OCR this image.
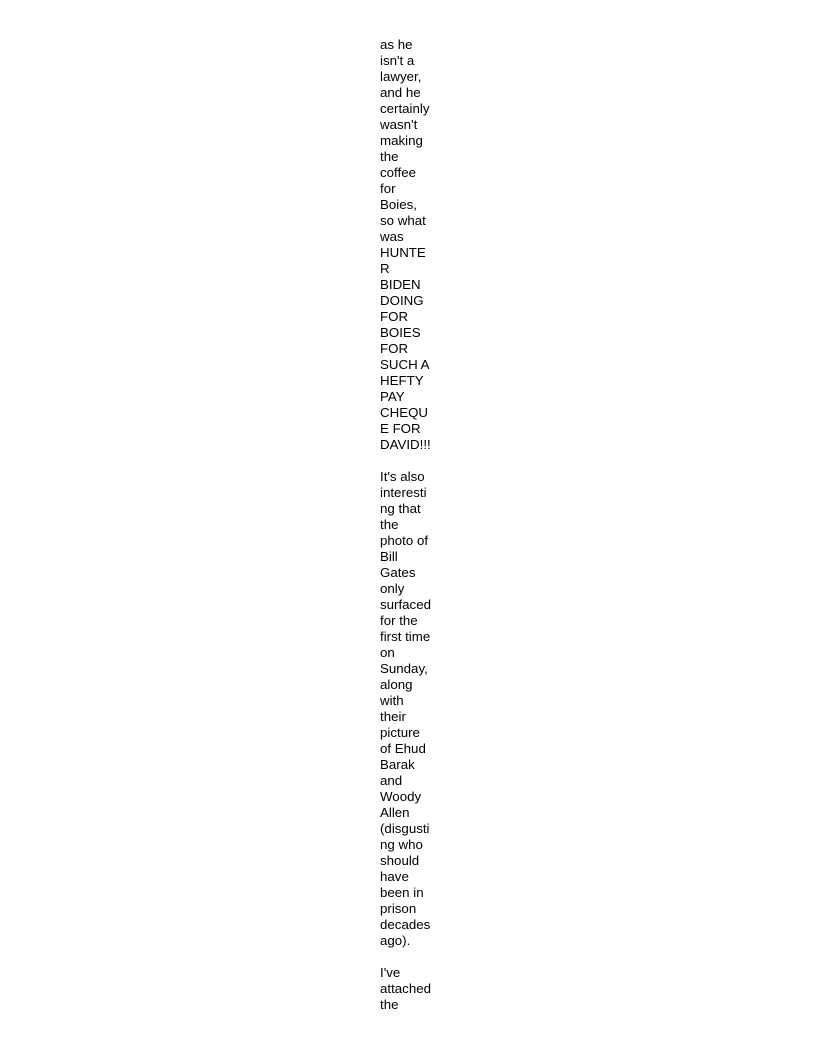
as he
isn't a
lawyer,
and he
certainly
wasn't
making
the
coffee
for
Boies,
so what
was
HUNTE
R
BIDEN
DOING
FOR
BOIES
FOR
SUCH A
HEFTY
PAY
CHEQU
E FOR
DAVID!!!
It's also
interesti
ng that
the
photo of
Bill
Gates
only
surfaced
for the
first time
on
Sunday,
along
with
their
picture
of Ehud
Barak
and
Woody
Allen
(disgusti
ng who
should
have
been in
prison
decades
ago).
I've
attached
the
